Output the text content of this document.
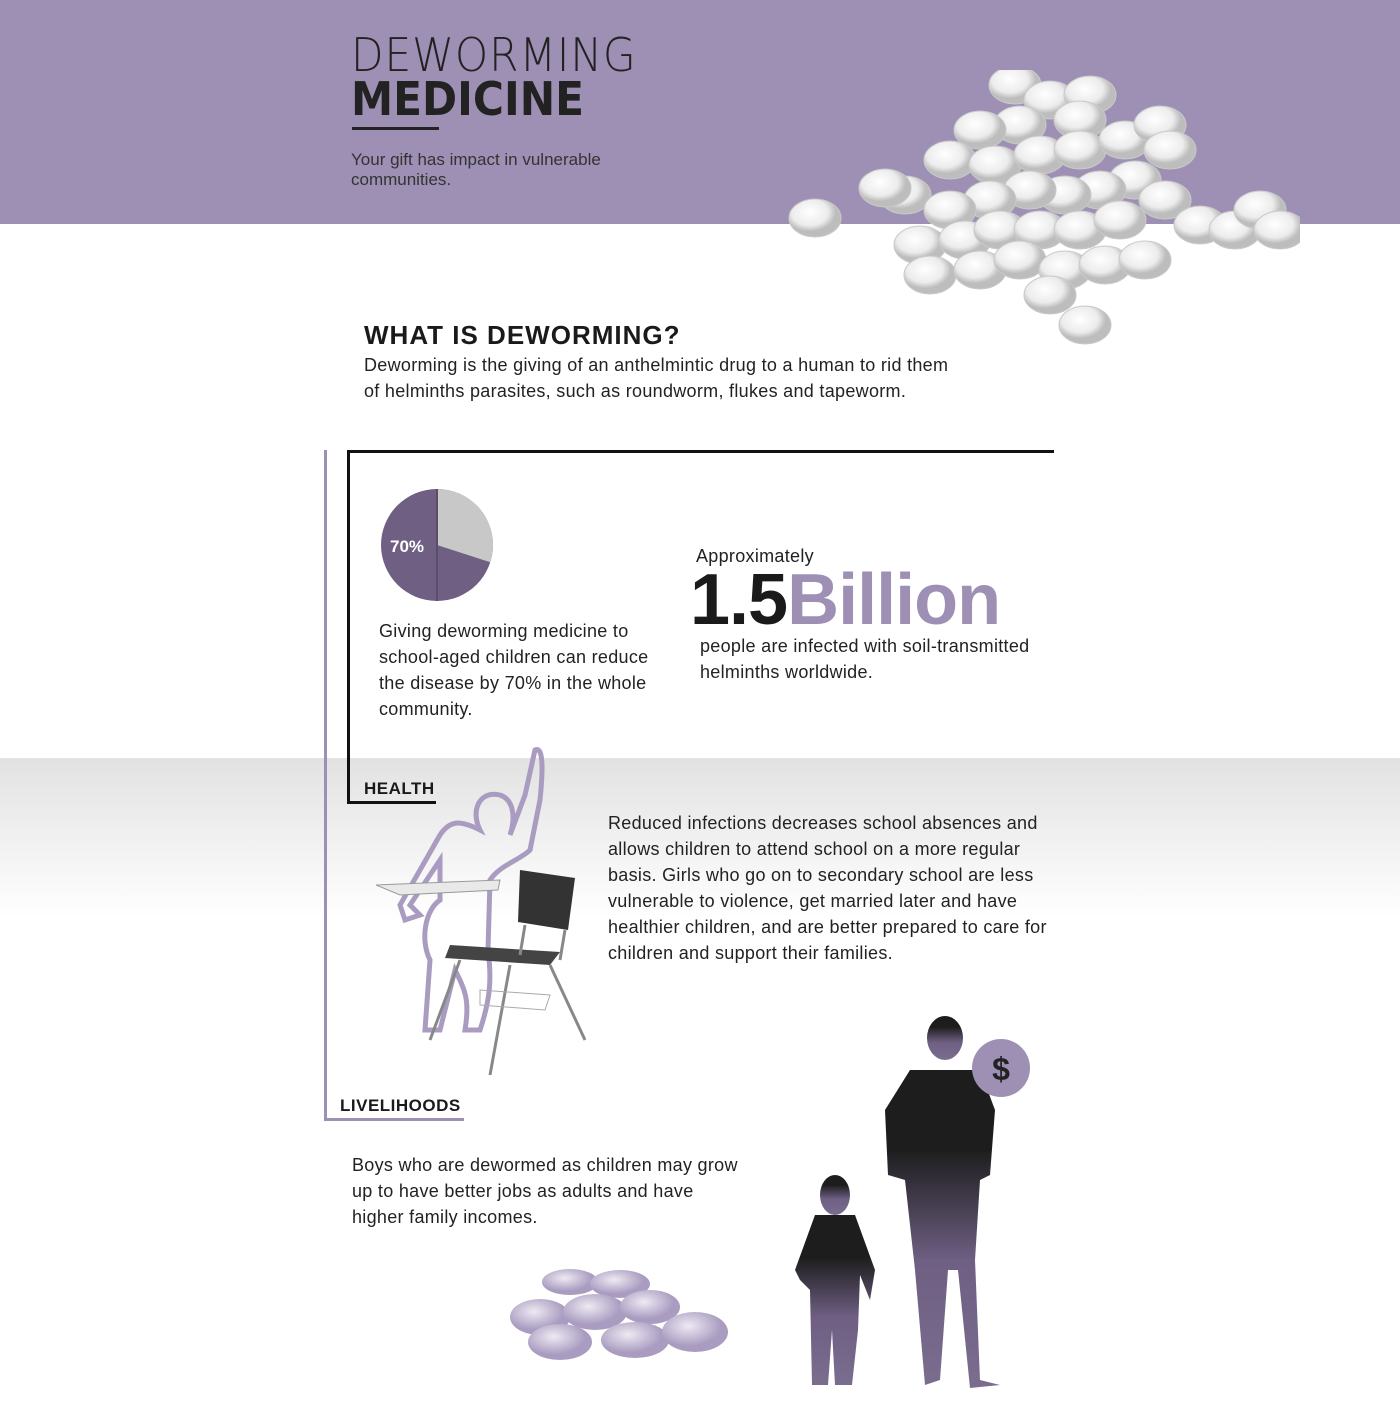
DEWORMING
MEDICINE
Your gift has impact in vulnerable communities.
WHAT IS DEWORMING?
Deworming is the giving of an anthelmintic drug to a human to rid them of helminths parasites, such as roundworm, flukes and tapeworm.
HEALTH
LIVELIHOODS
70%
Giving deworming medicine to school-aged children can reduce the disease by 70% in the whole community.
Approximately
1.5Billion
people are infected with soil-transmitted helminths worldwide.
Reduced infections decreases school absences and allows children to attend school on a more regular basis. Girls who go on to secondary school are less vulnerable to violence, get married later and have healthier children, and are better prepared to care for children and support their families.
Boys who are dewormed as children may grow up to have better jobs as adults and have higher family incomes.
$
